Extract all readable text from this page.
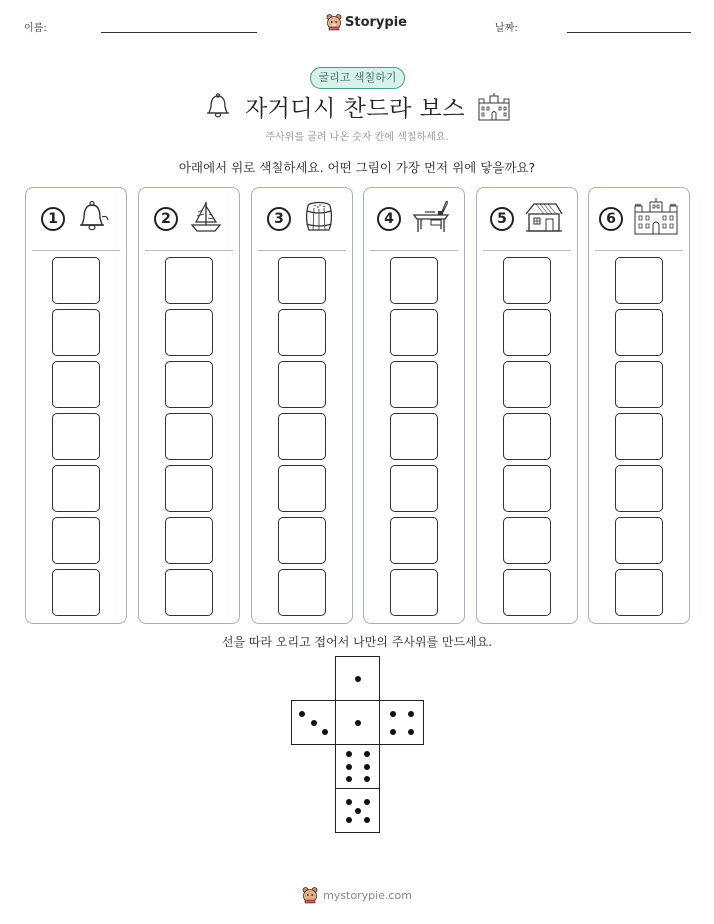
이름:	Storypie	날짜:
굴리고 색칠하기
자거디시 찬드라 보스
주사위를 굴려 나온 숫자 칸에 색칠하세요.
아래에서 위로 색칠하세요. 어떤 그림이 가장 먼저 위에 닿을까요?
1	2	3	4	5	6
선을 따라 오리고 접어서 나만의 주사위를 만드세요.
mystorypie.com
